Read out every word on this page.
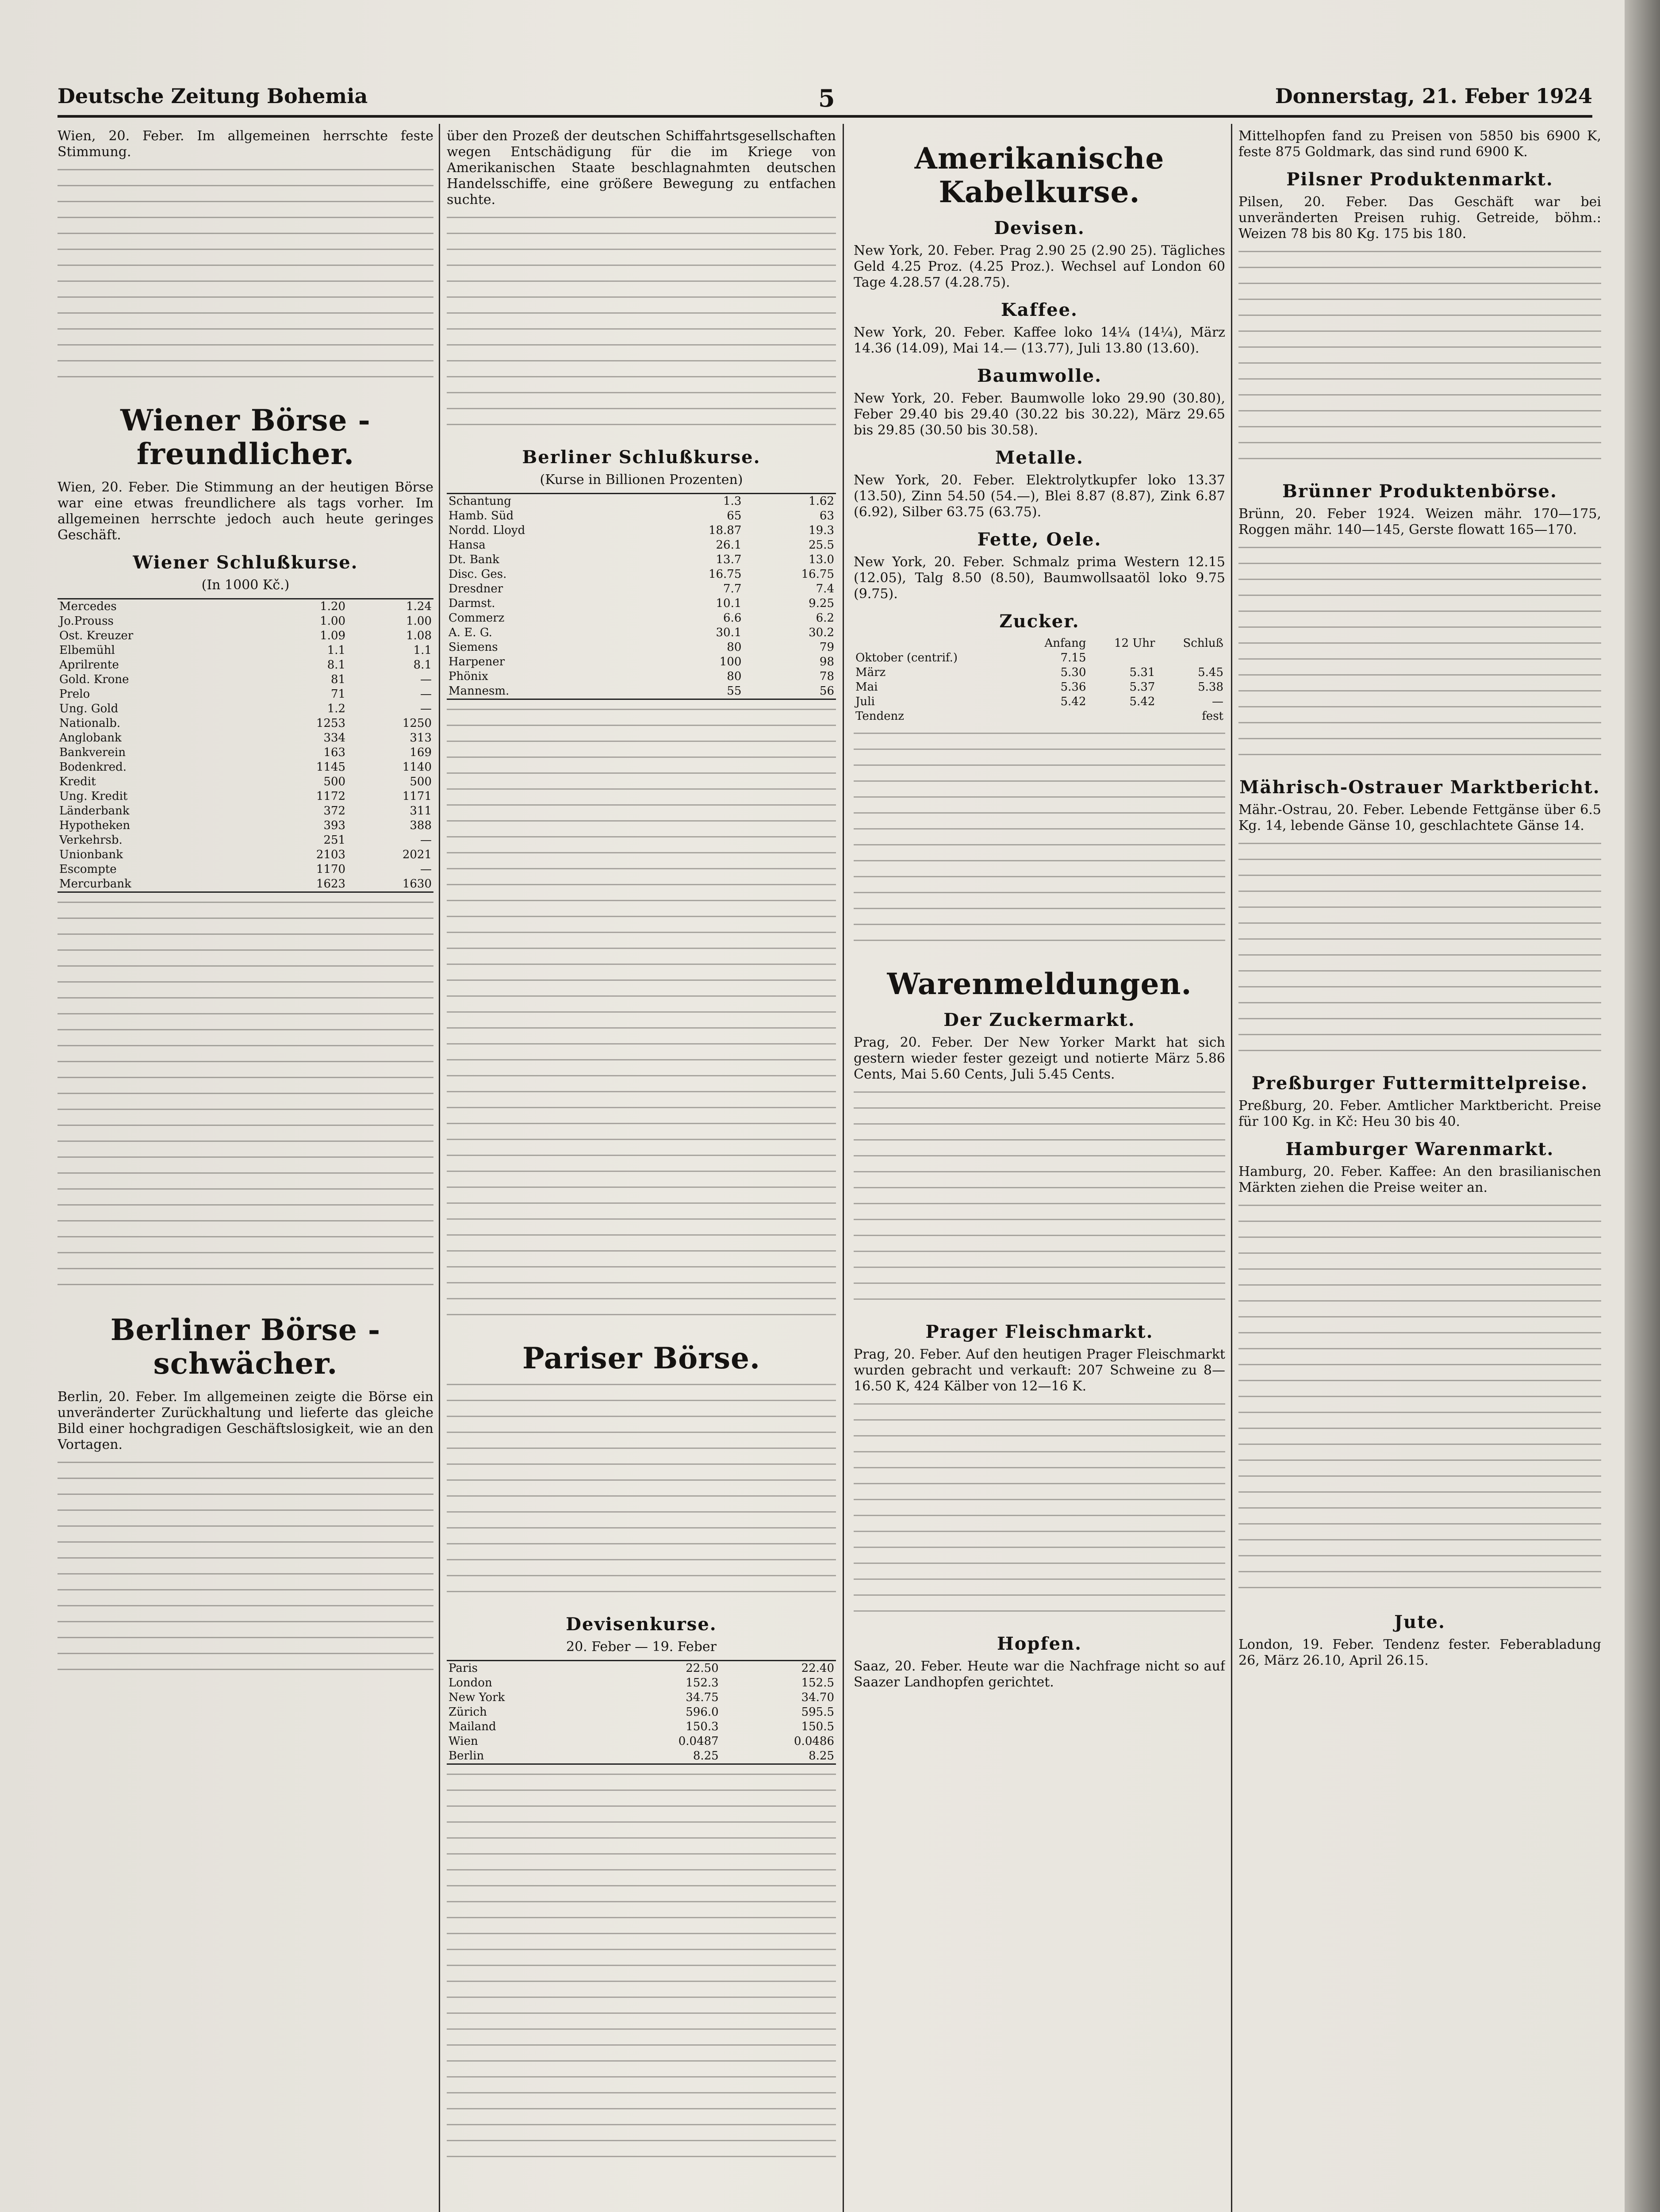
Deutsche Zeitung Bohemia	5	Donnerstag, 21. Feber 1924

Wien, 20. Feber. Im allgemeinen herrschte feste Stimmung.

Wiener Börse - freundlicher.

Wien, 20. Feber. Die Stimmung an der heutigen Börse war eine etwas freundlichere als tags vorher. Im allgemeinen herrschte jedoch auch heute geringes Geschäft.

Wiener Schlußkurse.
(In 1000 Kč.)
Mercedes	1.20	1.24
Jo.Prouss	1.00	1.00
Ost. Kreuzer	1.09	1.08
Elbemühl	1.1	1.1
Aprilrente	8.1	8.1
Gold. Krone	81	—
Prelo	71	—
Ung. Gold	1.2	—
Nationalb.	1253	1250
Anglobank	334	313
Bankverein	163	169
Bodenkred.	1145	1140
Kredit	500	500
Ung. Kredit	1172	1171
Länderbank	372	311
Hypotheken	393	388
Verkehrsb.	251	—
Unionbank	2103	2021
Escompte	1170	—
Mercurbank	1623	1630
Berliner Börse - schwächer.

Berlin, 20. Feber. Im allgemeinen zeigte die Börse ein unveränderter Zurückhaltung und lieferte das gleiche Bild einer hochgradigen Geschäftslosigkeit, wie an den Vortagen.

über den Prozeß der deutschen Schiffahrtsgesellschaften wegen Entschädigung für die im Kriege von Amerikanischen Staate beschlagnahmten deutschen Handelsschiffe, eine größere Bewegung zu entfachen suchte.

Berliner Schlußkurse.
(Kurse in Billionen Prozenten)
Schantung	1.3	1.62
Hamb. Süd	65	63
Nordd. Lloyd	18.87	19.3
Hansa	26.1	25.5
Dt. Bank	13.7	13.0
Disc. Ges.	16.75	16.75
Dresdner	7.7	7.4
Darmst.	10.1	9.25
Commerz	6.6	6.2
A. E. G.	30.1	30.2
Siemens	80	79
Harpener	100	98
Phönix	80	78
Mannesm.	55	56
Pariser Börse.
Devisenkurse.
20. Feber — 19. Feber
Paris	22.50	22.40
London	152.3	152.5
New York	34.75	34.70
Zürich	596.0	595.5
Mailand	150.3	150.5
Wien	0.0487	0.0486
Berlin	8.25	8.25
Amerikanische Kabelkurse.
Devisen.

New York, 20. Feber. Prag 2.90 25 (2.90 25). Tägliches Geld 4.25 Proz. (4.25 Proz.). Wechsel auf London 60 Tage 4.28.57 (4.28.75).

Kaffee.

New York, 20. Feber. Kaffee loko 14¼ (14¼), März 14.36 (14.09), Mai 14.— (13.77), Juli 13.80 (13.60).

Baumwolle.

New York, 20. Feber. Baumwolle loko 29.90 (30.80), Feber 29.40 bis 29.40 (30.22 bis 30.22), März 29.65 bis 29.85 (30.50 bis 30.58).

Metalle.

New York, 20. Feber. Elektrolytkupfer loko 13.37 (13.50), Zinn 54.50 (54.—), Blei 8.87 (8.87), Zink 6.87 (6.92), Silber 63.75 (63.75).

Fette, Oele.

New York, 20. Feber. Schmalz prima Western 12.15 (12.05), Talg 8.50 (8.50), Baumwollsaatöl loko 9.75 (9.75).

Zucker.
	Anfang	12 Uhr	Schluß
Oktober (centrif.)	7.15		
März	5.30	5.31	5.45
Mai	5.36	5.37	5.38
Juli	5.42	5.42	—
Tendenz			fest
Warenmeldungen.
Der Zuckermarkt.

Prag, 20. Feber. Der New Yorker Markt hat sich gestern wieder fester gezeigt und notierte März 5.86 Cents, Mai 5.60 Cents, Juli 5.45 Cents.

Prager Fleischmarkt.

Prag, 20. Feber. Auf den heutigen Prager Fleischmarkt wurden gebracht und verkauft: 207 Schweine zu 8—16.50 K, 424 Kälber von 12—16 K.

Hopfen.

Saaz, 20. Feber. Heute war die Nachfrage nicht so auf Saazer Landhopfen gerichtet.

Mittelhopfen fand zu Preisen von 5850 bis 6900 K, feste 875 Goldmark, das sind rund 6900 K.

Pilsner Produktenmarkt.

Pilsen, 20. Feber. Das Geschäft war bei unveränderten Preisen ruhig. Getreide, böhm.: Weizen 78 bis 80 Kg. 175 bis 180.

Brünner Produktenbörse.

Brünn, 20. Feber 1924. Weizen mähr. 170—175, Roggen mähr. 140—145, Gerste flowatt 165—170.

Mährisch-Ostrauer Marktbericht.

Mähr.-Ostrau, 20. Feber. Lebende Fettgänse über 6.5 Kg. 14, lebende Gänse 10, geschlachtete Gänse 14.

Preßburger Futtermittelpreise.

Preßburg, 20. Feber. Amtlicher Marktbericht. Preise für 100 Kg. in Kč: Heu 30 bis 40.

Hamburger Warenmarkt.

Hamburg, 20. Feber. Kaffee: An den brasilianischen Märkten ziehen die Preise weiter an.

Jute.

London, 19. Feber. Tendenz fester. Feberabladung 26, März 26.10, April 26.15.
